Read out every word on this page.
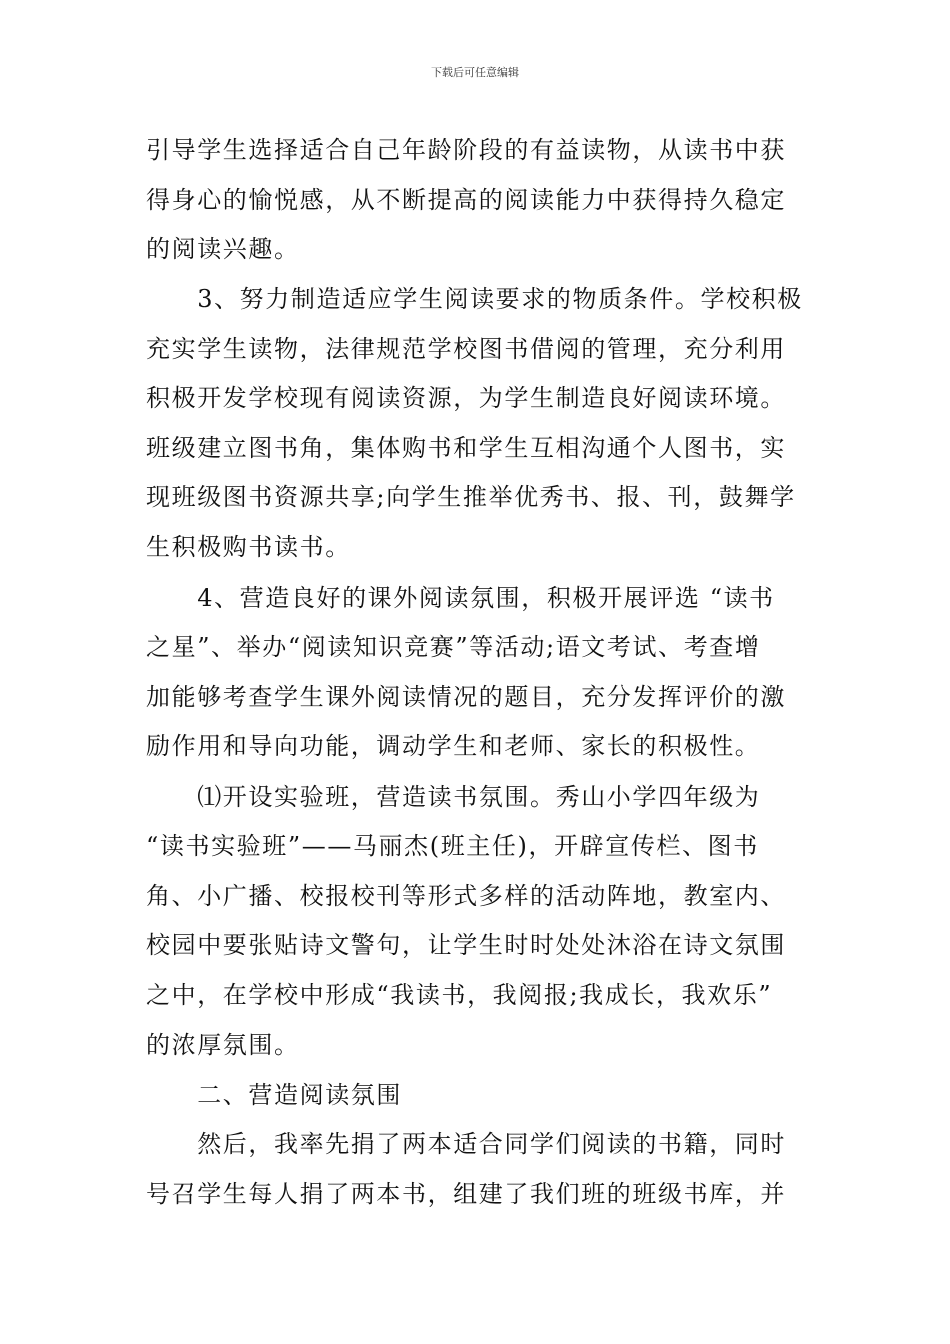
下载后可任意编辑
引导学生选择适合自己年龄阶段的有益读物，从读书中获
得身心的愉悦感，从不断提高的阅读能力中获得持久稳定
的阅读兴趣。
　　3、努力制造适应学生阅读要求的物质条件。学校积极
充实学生读物，法律规范学校图书借阅的管理，充分利用
积极开发学校现有阅读资源，为学生制造良好阅读环境。
班级建立图书角，集体购书和学生互相沟通个人图书，实
现班级图书资源共享;向学生推举优秀书、报、刊，鼓舞学
生积极购书读书。
　　4、营造良好的课外阅读氛围，积极开展评选 “读书
之星”、举办“阅读知识竞赛”等活动;语文考试、考查增
加能够考查学生课外阅读情况的题目，充分发挥评价的激
励作用和导向功能，调动学生和老师、家长的积极性。
　　⑴开设实验班，营造读书氛围。秀山小学四年级为
“读书实验班”——马丽杰(班主任)，开辟宣传栏、图书
角、小广播、校报校刊等形式多样的活动阵地，教室内、
校园中要张贴诗文警句，让学生时时处处沐浴在诗文氛围
之中，在学校中形成“我读书，我阅报;我成长，我欢乐”
的浓厚氛围。
　　二、营造阅读氛围
　　然后，我率先捐了两本适合同学们阅读的书籍，同时
号召学生每人捐了两本书，组建了我们班的班级书库，并
